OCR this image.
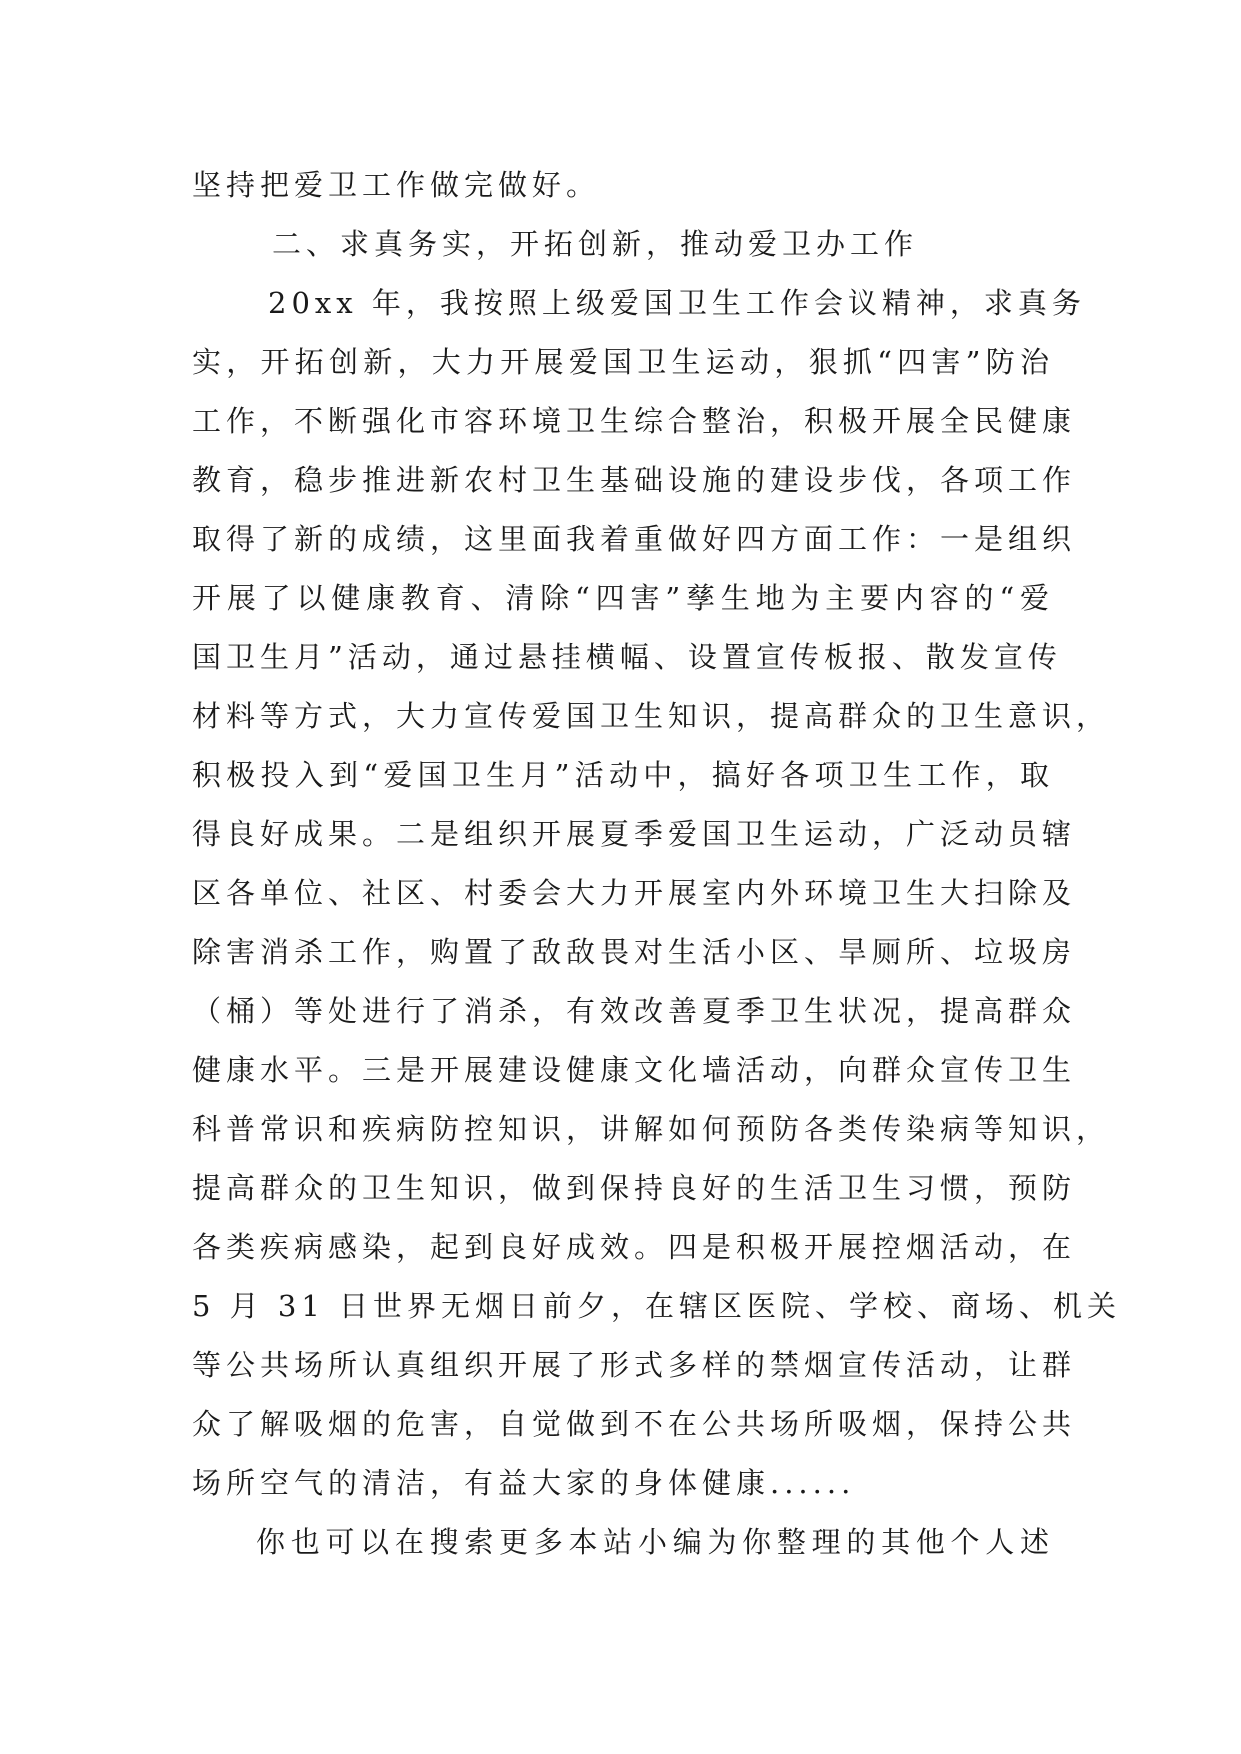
坚持把爱卫工作做完做好。
二、求真务实，开拓创新，推动爱卫办工作
20xx 年，我按照上级爱国卫生工作会议精神，求真务
实，开拓创新，大力开展爱国卫生运动，狠抓“四害”防治
工作，不断强化市容环境卫生综合整治，积极开展全民健康
教育，稳步推进新农村卫生基础设施的建设步伐，各项工作
取得了新的成绩，这里面我着重做好四方面工作：一是组织
开展了以健康教育、清除“四害”孳生地为主要内容的“爱
国卫生月”活动，通过悬挂横幅、设置宣传板报、散发宣传
材料等方式，大力宣传爱国卫生知识，提高群众的卫生意识，
积极投入到“爱国卫生月”活动中，搞好各项卫生工作，取
得良好成果。二是组织开展夏季爱国卫生运动，广泛动员辖
区各单位、社区、村委会大力开展室内外环境卫生大扫除及
除害消杀工作，购置了敌敌畏对生活小区、旱厕所、垃圾房
（桶）等处进行了消杀，有效改善夏季卫生状况，提高群众
健康水平。三是开展建设健康文化墙活动，向群众宣传卫生
科普常识和疾病防控知识，讲解如何预防各类传染病等知识，
提高群众的卫生知识，做到保持良好的生活卫生习惯，预防
各类疾病感染，起到良好成效。四是积极开展控烟活动，在
5 月 31 日世界无烟日前夕，在辖区医院、学校、商场、机关
等公共场所认真组织开展了形式多样的禁烟宣传活动，让群
众了解吸烟的危害，自觉做到不在公共场所吸烟，保持公共
场所空气的清洁，有益大家的身体健康......
你也可以在搜索更多本站小编为你整理的其他个人述
